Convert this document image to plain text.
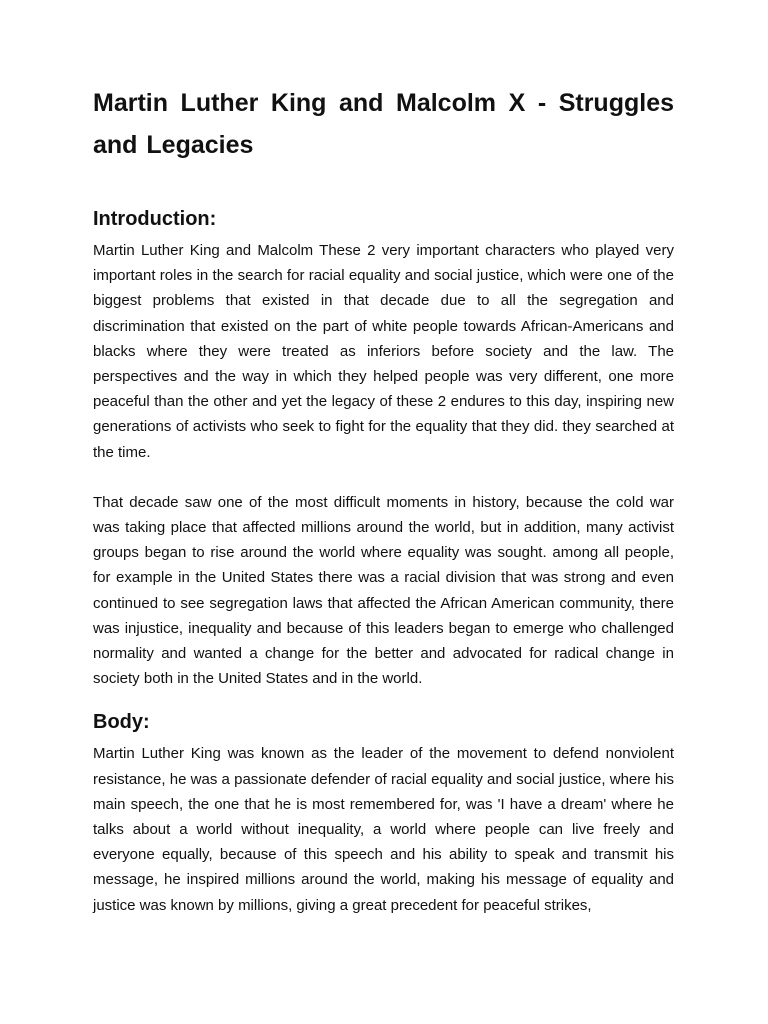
Martin Luther King and Malcolm X - Struggles and Legacies
Introduction:

Martin Luther King and Malcolm These 2 very important characters who played very important roles in the search for racial equality and social justice, which were one of the biggest problems that existed in that decade due to all the segregation and discrimination that existed on the part of white people towards African-Americans and blacks where they were treated as inferiors before society and the law. The perspectives and the way in which they helped people was very different, one more peaceful than the other and yet the legacy of these 2 endures to this day, inspiring new generations of activists who seek to fight for the equality that they did. they searched at the time.

That decade saw one of the most difficult moments in history, because the cold war was taking place that affected millions around the world, but in addition, many activist groups began to rise around the world where equality was sought. among all people, for example in the United States there was a racial division that was strong and even continued to see segregation laws that affected the African American community, there was injustice, inequality and because of this leaders began to emerge who challenged normality and wanted a change for the better and advocated for radical change in society both in the United States and in the world.

Body:

Martin Luther King was known as the leader of the movement to defend nonviolent resistance, he was a passionate defender of racial equality and social justice, where his main speech, the one that he is most remembered for, was 'I have a dream' where he talks about a world without inequality, a world where people can live freely and everyone equally, because of this speech and his ability to speak and transmit his message, he inspired millions around the world, making his message of equality and justice was known by millions, giving a great precedent for peaceful strikes,
